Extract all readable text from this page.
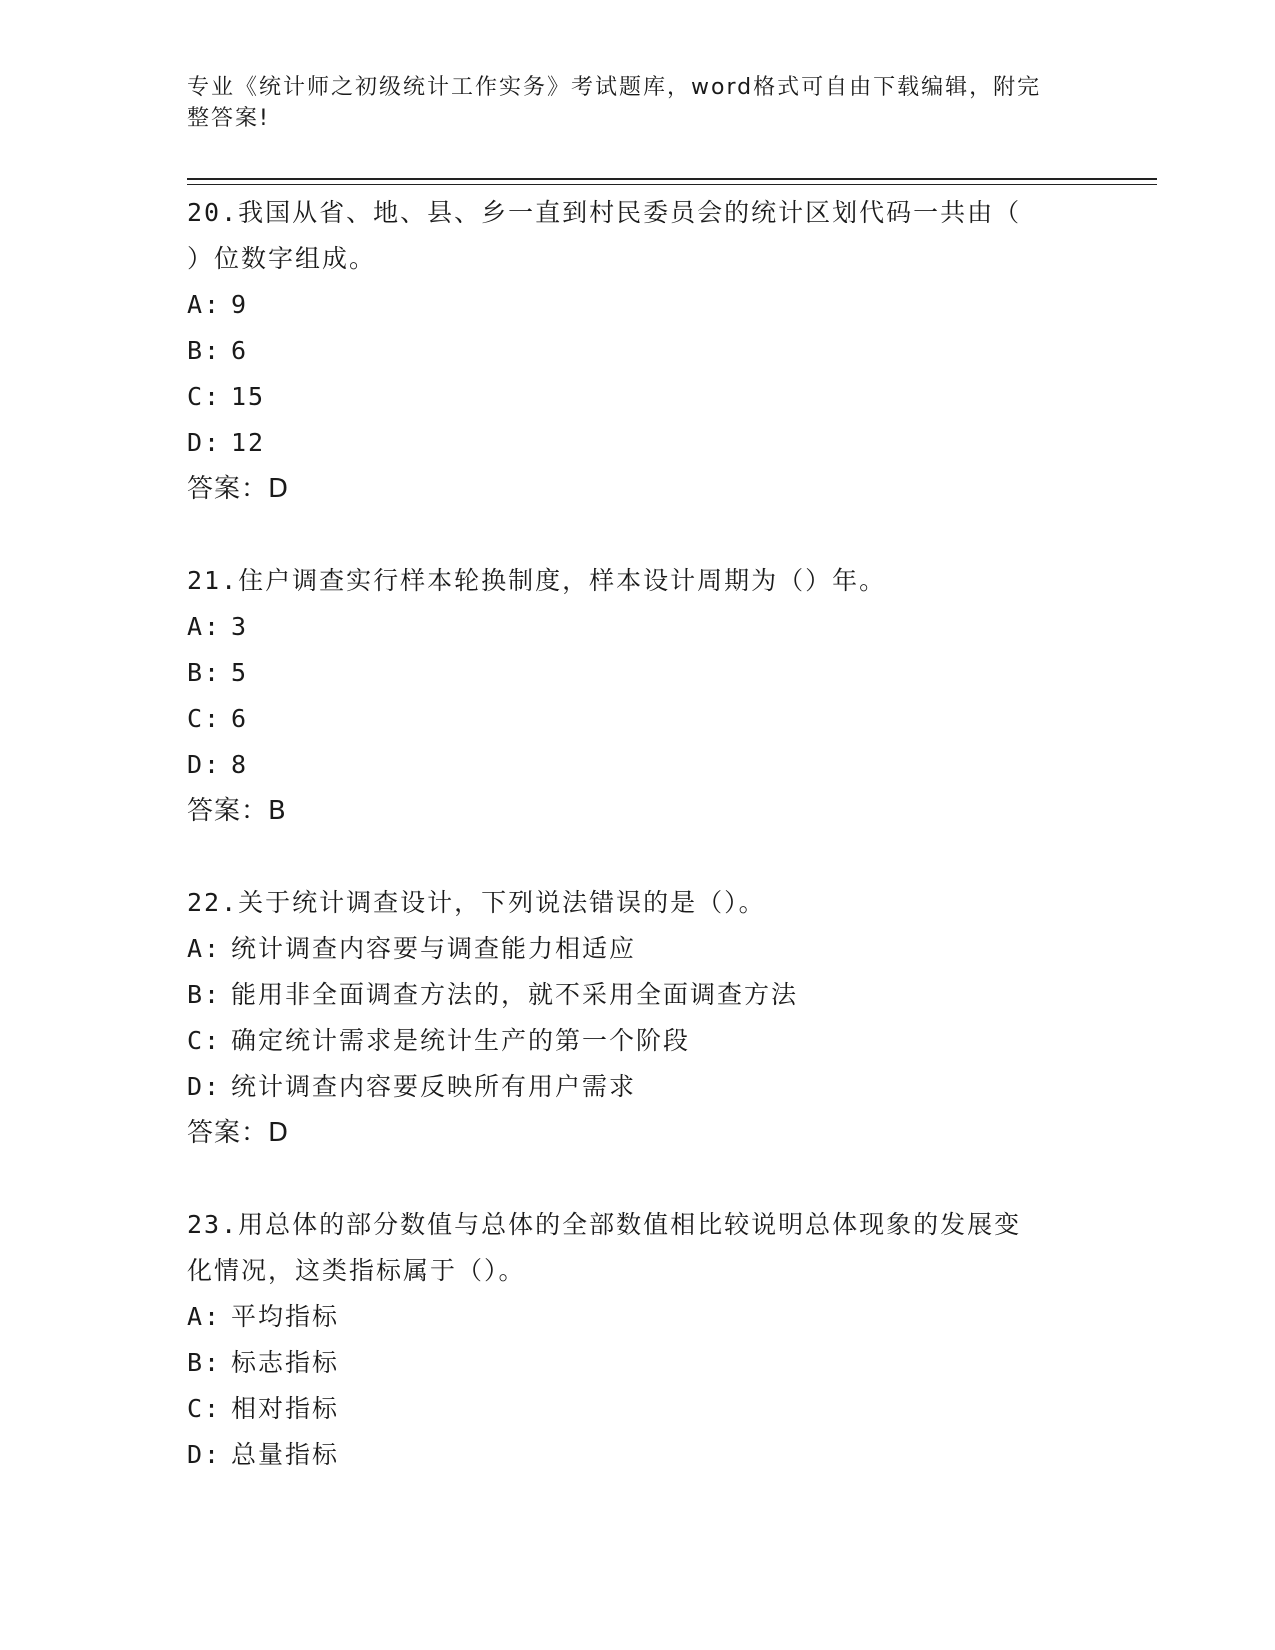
专业《统计师之初级统计工作实务》考试题库，word格式可自由下载编辑，附完
整答案!
20.我国从省、地、县、乡一直到村民委员会的统计区划代码一共由（
）位数字组成。
A: 9
B: 6
C: 15
D: 12
答案：D
21.住户调查实行样本轮换制度，样本设计周期为（）年。
A: 3
B: 5
C: 6
D: 8
答案：B
22.关于统计调查设计，下列说法错误的是（）。
A: 统计调查内容要与调查能力相适应
B: 能用非全面调查方法的，就不采用全面调查方法
C: 确定统计需求是统计生产的第一个阶段
D: 统计调查内容要反映所有用户需求
答案：D
23.用总体的部分数值与总体的全部数值相比较说明总体现象的发展变
化情况，这类指标属于（）。
A: 平均指标
B: 标志指标
C: 相对指标
D: 总量指标
